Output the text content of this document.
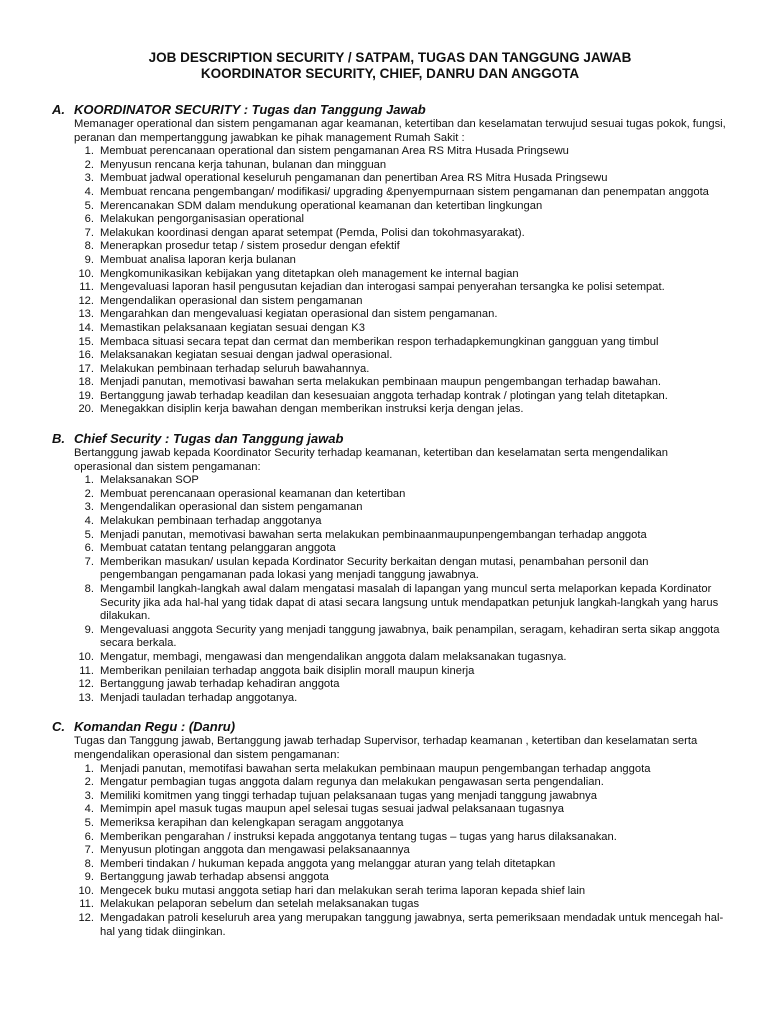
JOB DESCRIPTION SECURITY / SATPAM, TUGAS DAN TANGGUNG JAWAB

KOORDINATOR SECURITY, CHIEF, DANRU DAN ANGGOTA

A. KOORDINATOR SECURITY : Tugas dan Tanggung Jawab
Memanager operational dan sistem pengamanan agar keamanan, ketertiban dan keselamatan terwujud sesuai tugas pokok, fungsi, peranan dan mempertanggung jawabkan ke pihak management Rumah Sakit :
1. Membuat perencanaan operational dan sistem pengamanan Area RS Mitra Husada Pringsewu
2. Menyusun rencana kerja tahunan, bulanan dan mingguan
3. Membuat jadwal operational keseluruh pengamanan dan penertiban Area RS Mitra Husada Pringsewu
4. Membuat rencana pengembangan/ modifikasi/ upgrading &penyempurnaan sistem pengamanan dan penempatan anggota
5. Merencanakan SDM dalam mendukung operational keamanan dan ketertiban lingkungan
6. Melakukan pengorganisasian operational
7. Melakukan koordinasi dengan aparat setempat (Pemda, Polisi dan tokohmasyarakat).
8. Menerapkan prosedur tetap / sistem prosedur dengan efektif
9. Membuat analisa laporan kerja bulanan
10. Mengkomunikasikan kebijakan yang ditetapkan oleh management ke internal bagian
11. Mengevaluasi laporan hasil pengusutan kejadian dan interogasi sampai penyerahan tersangka ke polisi setempat.
12. Mengendalikan operasional dan sistem pengamanan
13. Mengarahkan dan mengevaluasi kegiatan operasional dan sistem pengamanan.
14. Memastikan pelaksanaan kegiatan sesuai dengan K3
15. Membaca situasi secara tepat dan cermat dan memberikan respon terhadapkemungkinan gangguan yang timbul
16. Melaksanakan kegiatan sesuai dengan jadwal operasional.
17. Melakukan pembinaan terhadap seluruh bawahannya.
18. Menjadi panutan, memotivasi bawahan serta melakukan pembinaan maupun pengembangan terhadap bawahan.
19. Bertanggung jawab terhadap keadilan dan kesesuaian anggota terhadap kontrak / plotingan yang telah ditetapkan.
20. Menegakkan disiplin kerja bawahan dengan memberikan instruksi kerja dengan jelas.
B. Chief Security : Tugas dan Tanggung jawab
Bertanggung jawab kepada Koordinator Security terhadap keamanan, ketertiban dan keselamatan serta mengendalikan operasional dan sistem pengamanan:
1. Melaksanakan SOP
2. Membuat perencanaan operasional keamanan dan ketertiban
3. Mengendalikan operasional dan sistem pengamanan
4. Melakukan pembinaan terhadap anggotanya
5. Menjadi panutan, memotivasi bawahan serta melakukan pembinaanmaupunpengembangan terhadap anggota
6. Membuat catatan tentang pelanggaran anggota
7. Memberikan masukan/ usulan kepada Kordinator Security berkaitan dengan mutasi, penambahan personil dan pengembangan pengamanan pada lokasi yang menjadi tanggung jawabnya.
8. Mengambil langkah-langkah awal dalam mengatasi masalah di lapangan yang muncul serta melaporkan kepada Kordinator Security jika ada hal-hal yang tidak dapat di atasi secara langsung untuk mendapatkan petunjuk langkah-langkah yang harus dilakukan.
9. Mengevaluasi anggota Security yang menjadi tanggung jawabnya, baik penampilan, seragam, kehadiran serta sikap anggota secara berkala.
10. Mengatur, membagi, mengawasi dan mengendalikan anggota dalam melaksanakan tugasnya.
11. Memberikan penilaian terhadap anggota baik disiplin morall maupun kinerja
12. Bertanggung jawab terhadap kehadiran anggota
13. Menjadi tauladan terhadap anggotanya.
C. Komandan Regu : (Danru)
Tugas dan Tanggung jawab, Bertanggung jawab terhadap Supervisor, terhadap keamanan , ketertiban dan keselamatan serta mengendalikan operasional dan sistem pengamanan:
1. Menjadi panutan, memotifasi bawahan serta melakukan pembinaan maupun pengembangan terhadap anggota
2. Mengatur pembagian tugas anggota dalam regunya dan melakukan pengawasan serta pengendalian.
3. Memiliki komitmen yang tinggi terhadap tujuan pelaksanaan tugas yang menjadi tanggung jawabnya
4. Memimpin apel masuk tugas maupun apel selesai tugas sesuai jadwal pelaksanaan tugasnya
5. Memeriksa kerapihan dan kelengkapan seragam anggotanya
6. Memberikan pengarahan / instruksi kepada anggotanya tentang tugas – tugas yang harus dilaksanakan.
7. Menyusun plotingan anggota dan mengawasi pelaksanaannya
8. Memberi tindakan / hukuman kepada anggota yang melanggar aturan yang telah ditetapkan
9. Bertanggung jawab terhadap absensi anggota
10. Mengecek buku mutasi anggota setiap hari dan melakukan serah terima laporan kepada shief lain
11. Melakukan pelaporan sebelum dan setelah melaksanakan tugas
12. Mengadakan patroli keseluruh area yang merupakan tanggung jawabnya, serta pemeriksaan mendadak untuk mencegah hal-hal yang tidak diinginkan.
